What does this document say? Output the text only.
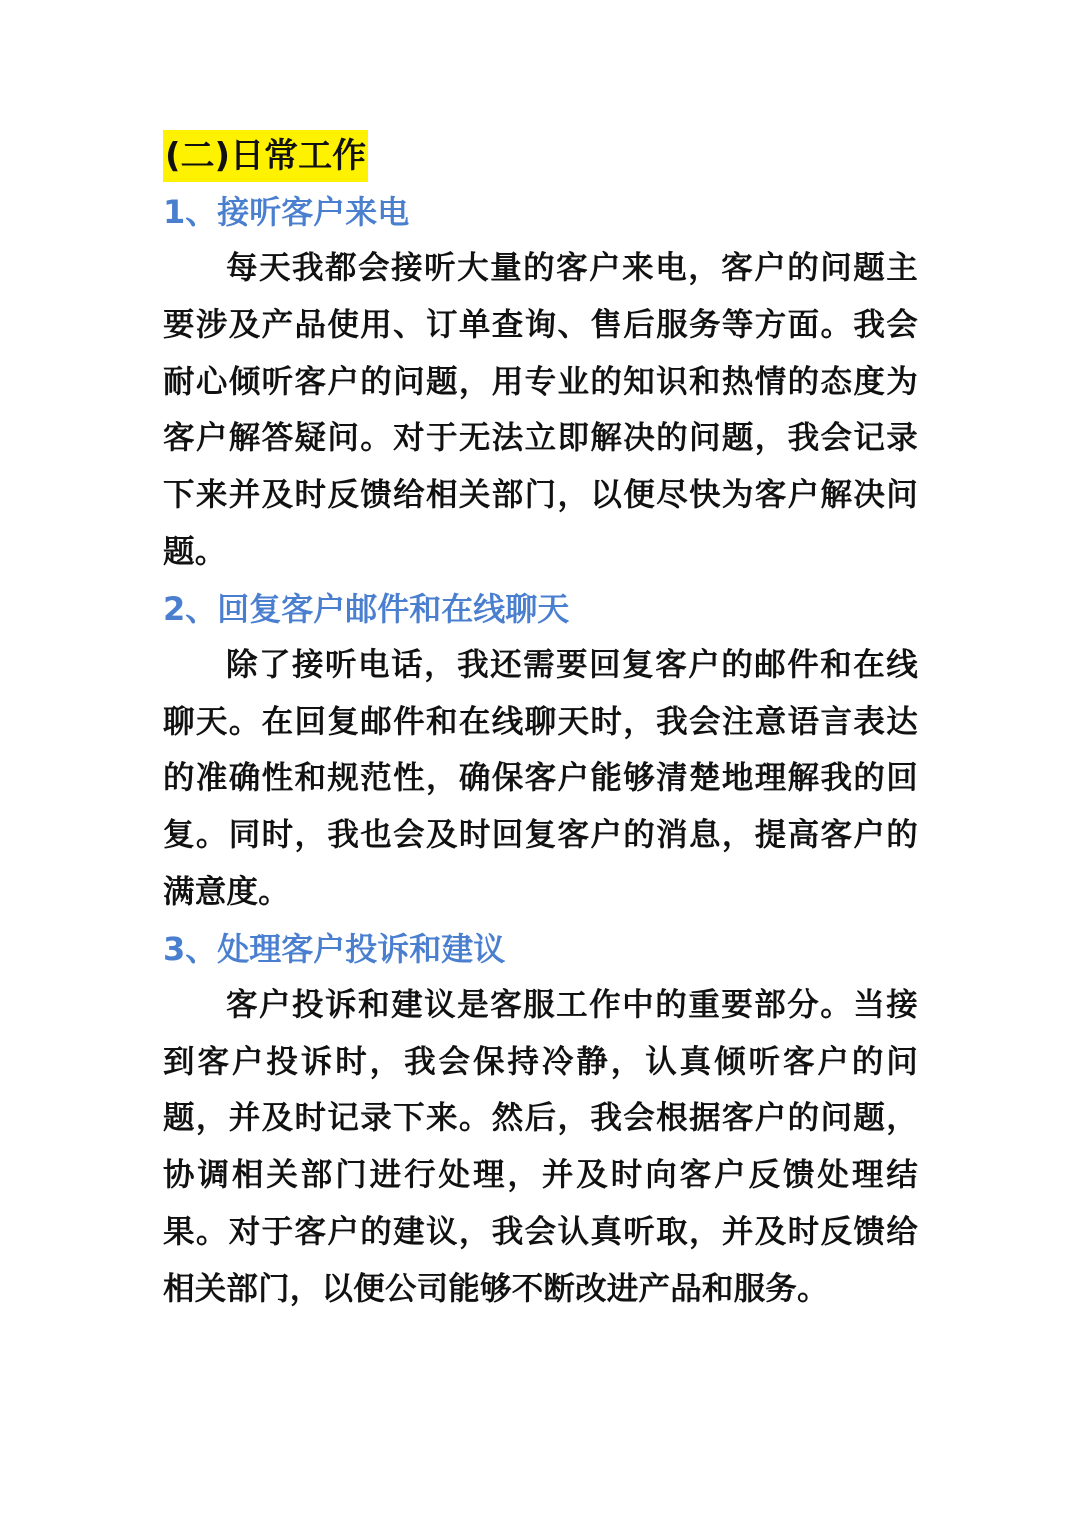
(二)日常工作
1、接听客户来电

每天我都会接听大量的客户来电，客户的问题主要涉及产品使用、订单查询、售后服务等方面。我会耐心倾听客户的问题，用专业的知识和热情的态度为客户解答疑问。对于无法立即解决的问题，我会记录下来并及时反馈给相关部门，以便尽快为客户解决问题。

2、回复客户邮件和在线聊天

除了接听电话，我还需要回复客户的邮件和在线聊天。在回复邮件和在线聊天时，我会注意语言表达的准确性和规范性，确保客户能够清楚地理解我的回复。同时，我也会及时回复客户的消息，提高客户的满意度。

3、处理客户投诉和建议

客户投诉和建议是客服工作中的重要部分。当接到客户投诉时，我会保持冷静，认真倾听客户的问题，并及时记录下来。然后，我会根据客户的问题，协调相关部门进行处理，并及时向客户反馈处理结果。对于客户的建议，我会认真听取，并及时反馈给相关部门，以便公司能够不断改进产品和服务。
